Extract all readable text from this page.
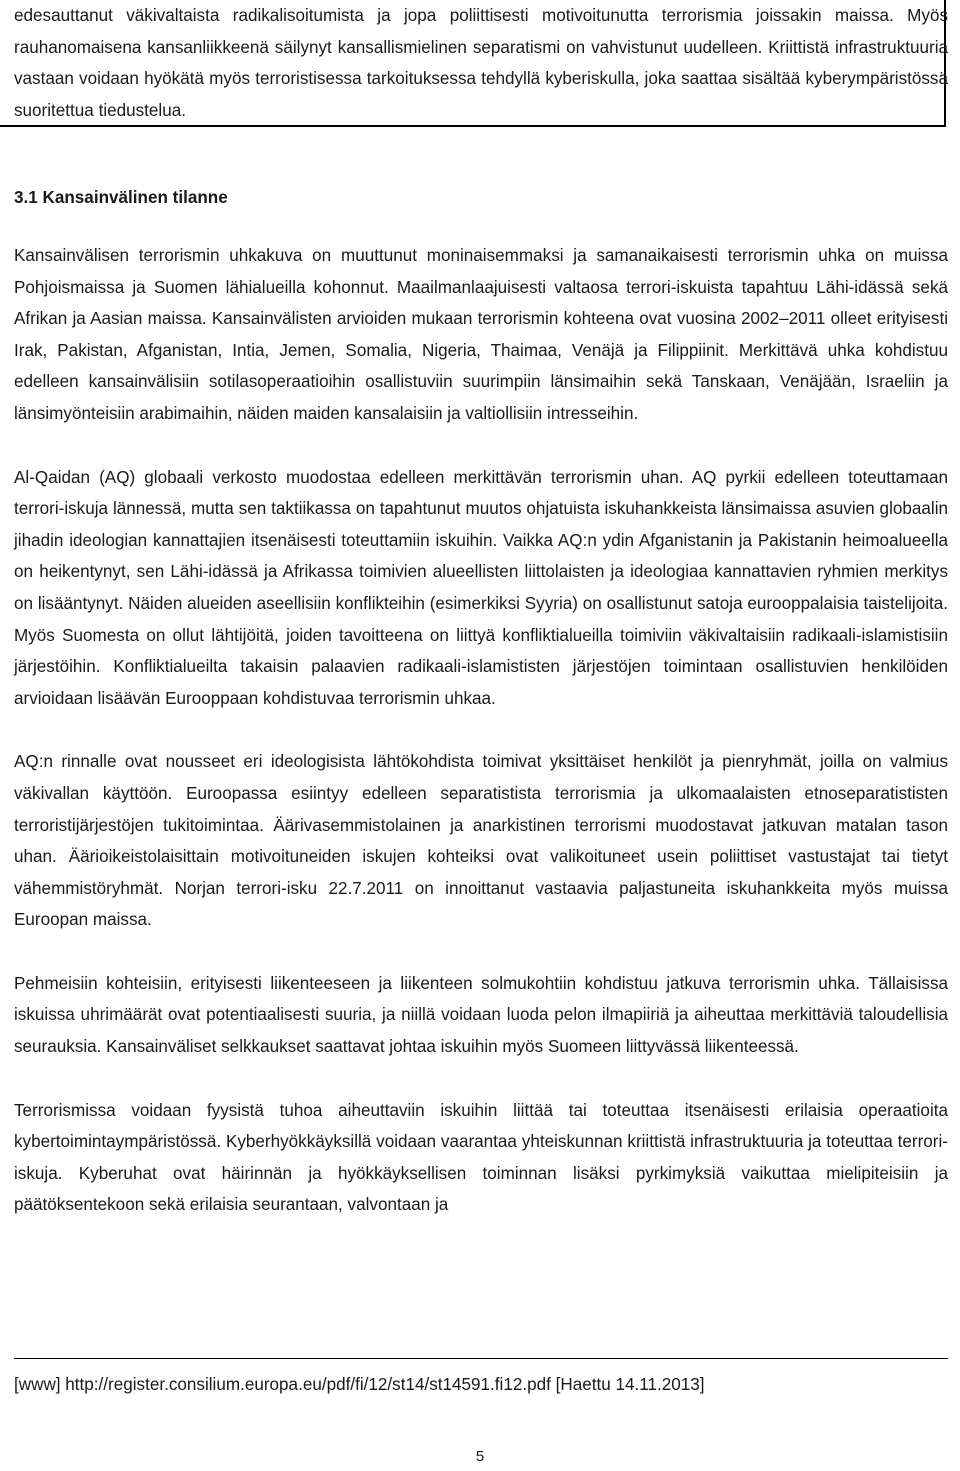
edesauttanut väkivaltaista radikalisoitumista ja jopa poliittisesti motivoitunutta terrorismia joissakin maissa. Myös rauhanomaisena kansanliikkeenä säilynyt kansallismielinen separatismi on vahvistunut uudelleen. Kriittistä infrastruktuuria vastaan voidaan hyökätä myös terroristisessa tarkoituksessa tehdyllä kyberiskulla, joka saattaa sisältää kyberympäristössä suoritettua tiedustelua.

3.1 Kansainvälinen tilanne

Kansainvälisen terrorismin uhkakuva on muuttunut moninaisemmaksi ja samanaikaisesti terrorismin uhka on muissa Pohjoismaissa ja Suomen lähialueilla kohonnut. Maailmanlaajuisesti valtaosa terrori-iskuista tapahtuu Lähi-idässä sekä Afrikan ja Aasian maissa. Kansainvälisten arvioiden mukaan terrorismin kohteena ovat vuosina 2002–2011 olleet erityisesti Irak, Pakistan, Afganistan, Intia, Jemen, Somalia, Nigeria, Thaimaa, Venäjä ja Filippiinit. Merkittävä uhka kohdistuu edelleen kansainvälisiin sotilasoperaatioihin osallistuviin suurimpiin länsimaihin sekä Tanskaan, Venäjään, Israeliin ja länsimyönteisiin arabimaihin, näiden maiden kansalaisiin ja valtiollisiin intresseihin.

Al-Qaidan (AQ) globaali verkosto muodostaa edelleen merkittävän terrorismin uhan. AQ pyrkii edelleen toteuttamaan terrori-iskuja lännessä, mutta sen taktiikassa on tapahtunut muutos ohjatuista iskuhankkeista länsimaissa asuvien globaalin jihadin ideologian kannattajien itsenäisesti toteuttamiin iskuihin. Vaikka AQ:n ydin Afganistanin ja Pakistanin heimoalueella on heikentynyt, sen Lähi-idässä ja Afrikassa toimivien alueellisten liittolaisten ja ideologiaa kannattavien ryhmien merkitys on lisääntynyt. Näiden alueiden aseellisiin konflikteihin (esimerkiksi Syyria) on osallistunut satoja eurooppalaisia taistelijoita. Myös Suomesta on ollut lähtijöitä, joiden tavoitteena on liittyä konfliktialueilla toimiviin väkivaltaisiin radikaali-islamistisiin järjestöihin. Konfliktialueilta takaisin palaavien radikaali-islamististen järjestöjen toimintaan osallistuvien henkilöiden arvioidaan lisäävän Eurooppaan kohdistuvaa terrorismin uhkaa.

AQ:n rinnalle ovat nousseet eri ideologisista lähtökohdista toimivat yksittäiset henkilöt ja pienryhmät, joilla on valmius väkivallan käyttöön. Euroopassa esiintyy edelleen separatistista terrorismia ja ulkomaalaisten etnoseparatististen terroristijärjestöjen tukitoimintaa. Äärivasemmistolainen ja anarkistinen terrorismi muodostavat jatkuvan matalan tason uhan. Äärioikeistolaisittain motivoituneiden iskujen kohteiksi ovat valikoituneet usein poliittiset vastustajat tai tietyt vähemmistöryhmät. Norjan terrori-isku 22.7.2011 on innoittanut vastaavia paljastuneita iskuhankkeita myös muissa Euroopan maissa.

Pehmeisiin kohteisiin, erityisesti liikenteeseen ja liikenteen solmukohtiin kohdistuu jatkuva terrorismin uhka. Tällaisissa iskuissa uhrimäärät ovat potentiaalisesti suuria, ja niillä voidaan luoda pelon ilmapiiriä ja aiheuttaa merkittäviä taloudellisia seurauksia. Kansainväliset selkkaukset saattavat johtaa iskuihin myös Suomeen liittyvässä liikenteessä.

Terrorismissa voidaan fyysistä tuhoa aiheuttaviin iskuihin liittää tai toteuttaa itsenäisesti erilaisia operaatioita kybertoimintaympäristössä. Kyberhyökkäyksillä voidaan vaarantaa yhteiskunnan kriittistä infrastruktuuria ja toteuttaa terrori-iskuja. Kyberuhat ovat häirinnän ja hyökkäyksellisen toiminnan lisäksi pyrkimyksiä vaikuttaa mielipiteisiin ja päätöksentekoon sekä erilaisia seurantaan, valvontaan ja

[www] http://register.consilium.europa.eu/pdf/fi/12/st14/st14591.fi12.pdf [Haettu 14.11.2013]

5
